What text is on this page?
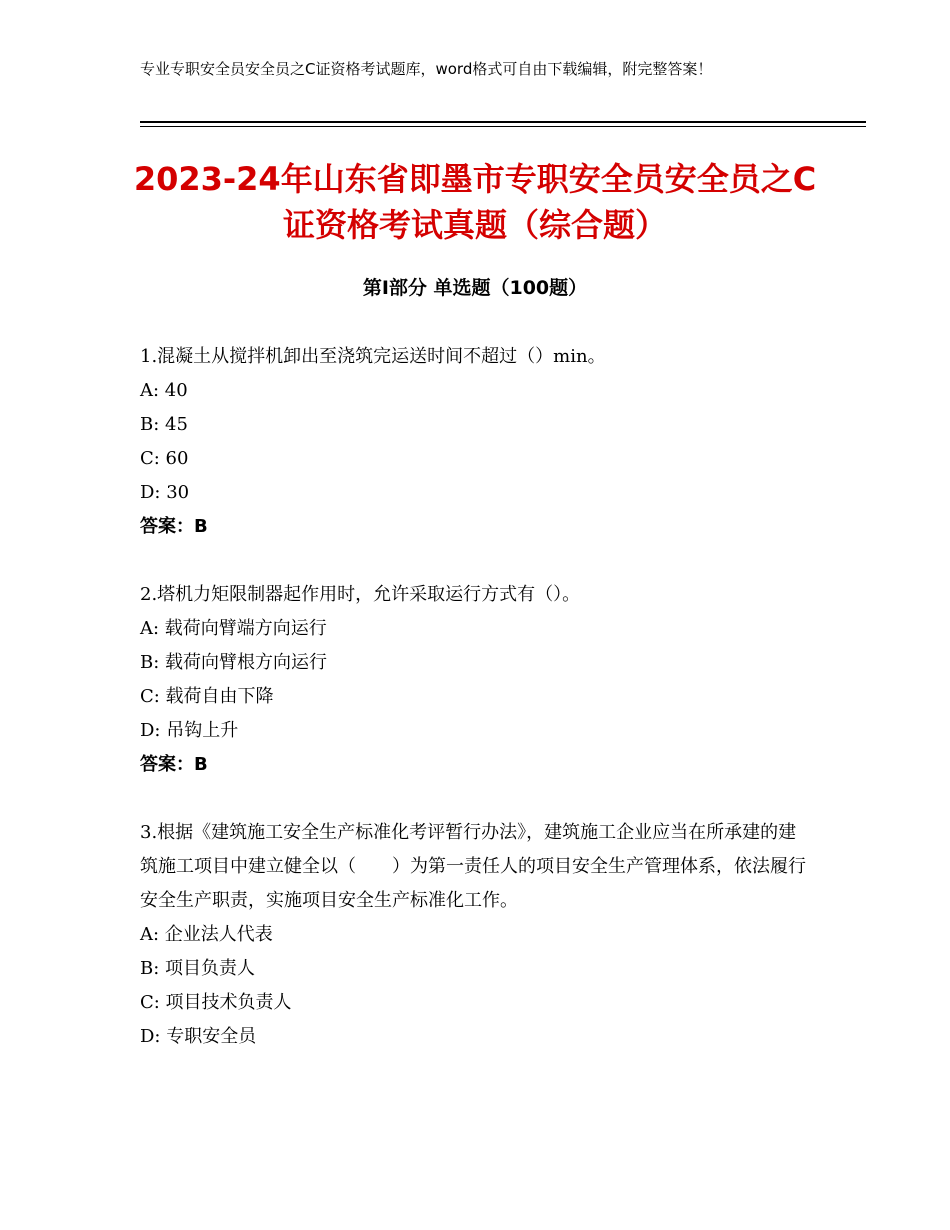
专业专职安全员安全员之C证资格考试题库，word格式可自由下载编辑，附完整答案！
2023-24年山东省即墨市专职安全员安全员之C证资格考试真题（综合题）
第Ⅰ部分 单选题（100题）

1.混凝土从搅拌机卸出至浇筑完运送时间不超过（）min。

A: 40

B: 45

C: 60

D: 30

答案：B

2.塔机力矩限制器起作用时，允许采取运行方式有（）。

A: 载荷向臂端方向运行

B: 载荷向臂根方向运行

C: 载荷自由下降

D: 吊钩上升

答案：B

3.根据《建筑施工安全生产标准化考评暂行办法》，建筑施工企业应当在所承建的建筑施工项目中建立健全以（　　）为第一责任人的项目安全生产管理体系，依法履行安全生产职责，实施项目安全生产标准化工作。

A: 企业法人代表

B: 项目负责人

C: 项目技术负责人

D: 专职安全员
